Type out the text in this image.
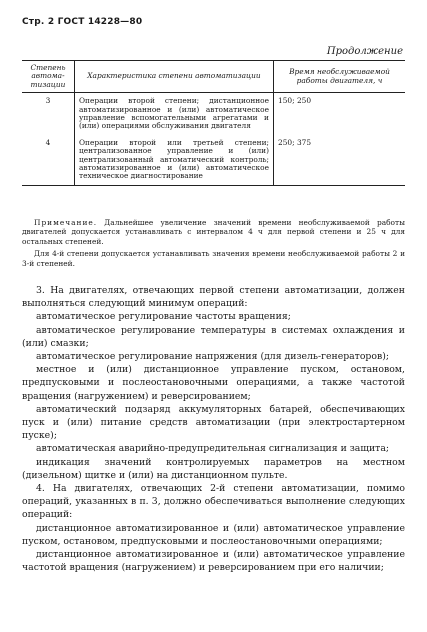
Стр. 2 ГОСТ 14228—80
Продолжение
Степень автома-тизации	Характеристика степени автоматизации	Время необслуживаемой работы двигателя, ч
3	Операции второй степени; дистанционное автоматизированное и (или) автоматическое управление вспомогательными агрегатами и (или) операциями обслуживания двигателя	150; 250
4	Операции второй или третьей степени; централизованное управление и (или) централизованный автоматический контроль; автоматизированное и (или) автоматическое техническое диагностирование	250; 375

Примечание. Дальнейшее увеличение значений времени необслуживаемой работы двигателей допускается устанавливать с интервалом 4 ч для первой степени и 25 ч для остальных степеней.

Для 4-й степени допускается устанавливать значения времени необслуживаемой работы 2 и 3-й степеней.

3. На двигателях, отвечающих первой степени автоматизации, должен выполняться следующий минимум операций:

автоматическое регулирование частоты вращения;

автоматическое регулирование температуры в системах охлаждения и (или) смазки;

автоматическое регулирование напряжения (для дизель-генераторов);

местное и (или) дистанционное управление пуском, остановом, предпусковыми и послеостановочными операциями, а также частотой вращения (нагружением) и реверсированием;

автоматический подзаряд аккумуляторных батарей, обеспечивающих пуск и (или) питание средств автоматизации (при электростартерном пуске);

автоматическая аварийно-предупредительная сигнализация и защита;

индикация значений контролируемых параметров на местном (дизельном) щитке и (или) на дистанционном пульте.

4. На двигателях, отвечающих 2-й степени автоматизации, помимо операций, указанных в п. 3, должно обеспечиваться выполнение следующих операций:

дистанционное автоматизированное и (или) автоматическое управление пуском, остановом, предпусковыми и послеостановочными операциями;

дистанционное автоматизированное и (или) автоматическое управление частотой вращения (нагружением) и реверсированием при его наличии;
